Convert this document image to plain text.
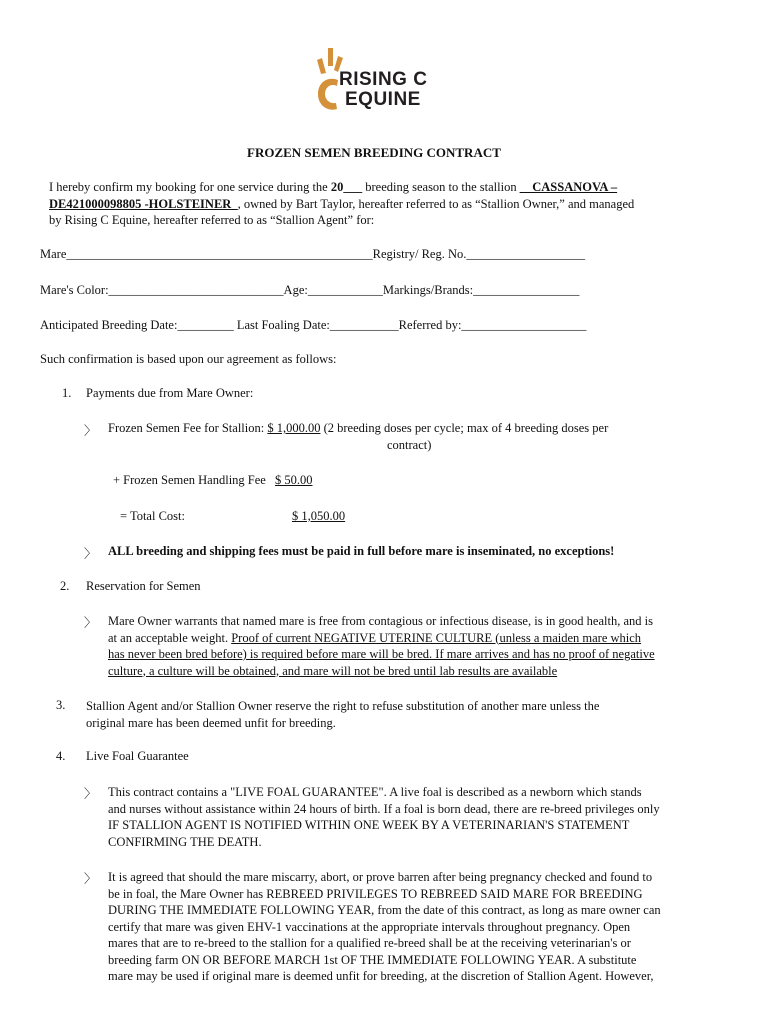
RISING C
EQUINE
FROZEN SEMEN BREEDING CONTRACT
I hereby confirm my booking for one service during the 20___ breeding season to the stallion __CASSANOVA –
DE421000098805 -HOLSTEINER_, owned by Bart Taylor, hereafter referred to as “Stallion Owner,” and managed
by Rising C Equine, hereafter referred to as “Stallion Agent” for:
Mare_________________________________________________Registry/ Reg. No.___________________
Mare's Color:____________________________Age:____________Markings/Brands:_________________
Anticipated Breeding Date:_________ Last Foaling Date:___________Referred by:____________________
Such confirmation is based upon our agreement as follows:
1. Payments due from Mare Owner:
〉 Frozen Semen Fee for Stallion: $ 1,000.00 (2 breeding doses per cycle; max of 4 breeding doses per
contract)
+ Frozen Semen Handling Fee $ 50.00
= Total Cost:	$ 1,050.00
〉 ALL breeding and shipping fees must be paid in full before mare is inseminated, no exceptions!
2. Reservation for Semen
〉 Mare Owner warrants that named mare is free from contagious or infectious disease, is in good health, and is
at an acceptable weight. Proof of current NEGATIVE UTERINE CULTURE (unless a maiden mare which
has never been bred before) is required before mare will be bred. If mare arrives and has no proof of negative
culture, a culture will be obtained, and mare will not be bred until lab results are available
3. Stallion Agent and/or Stallion Owner reserve the right to refuse substitution of another mare unless the
original mare has been deemed unfit for breeding.
4. Live Foal Guarantee
〉 This contract contains a "LIVE FOAL GUARANTEE". A live foal is described as a newborn which stands
and nurses without assistance within 24 hours of birth. If a foal is born dead, there are re-breed privileges only
IF STALLION AGENT IS NOTIFIED WITHIN ONE WEEK BY A VETERINARIAN'S STATEMENT
CONFIRMING THE DEATH.
〉 It is agreed that should the mare miscarry, abort, or prove barren after being pregnancy checked and found to
be in foal, the Mare Owner has REBREED PRIVILEGES TO REBREED SAID MARE FOR BREEDING
DURING THE IMMEDIATE FOLLOWING YEAR, from the date of this contract, as long as mare owner can
certify that mare was given EHV-1 vaccinations at the appropriate intervals throughout pregnancy. Open
mares that are to re-breed to the stallion for a qualified re-breed shall be at the receiving veterinarian's or
breeding farm ON OR BEFORE MARCH 1st OF THE IMMEDIATE FOLLOWING YEAR. A substitute
mare may be used if original mare is deemed unfit for breeding, at the discretion of Stallion Agent. However,
